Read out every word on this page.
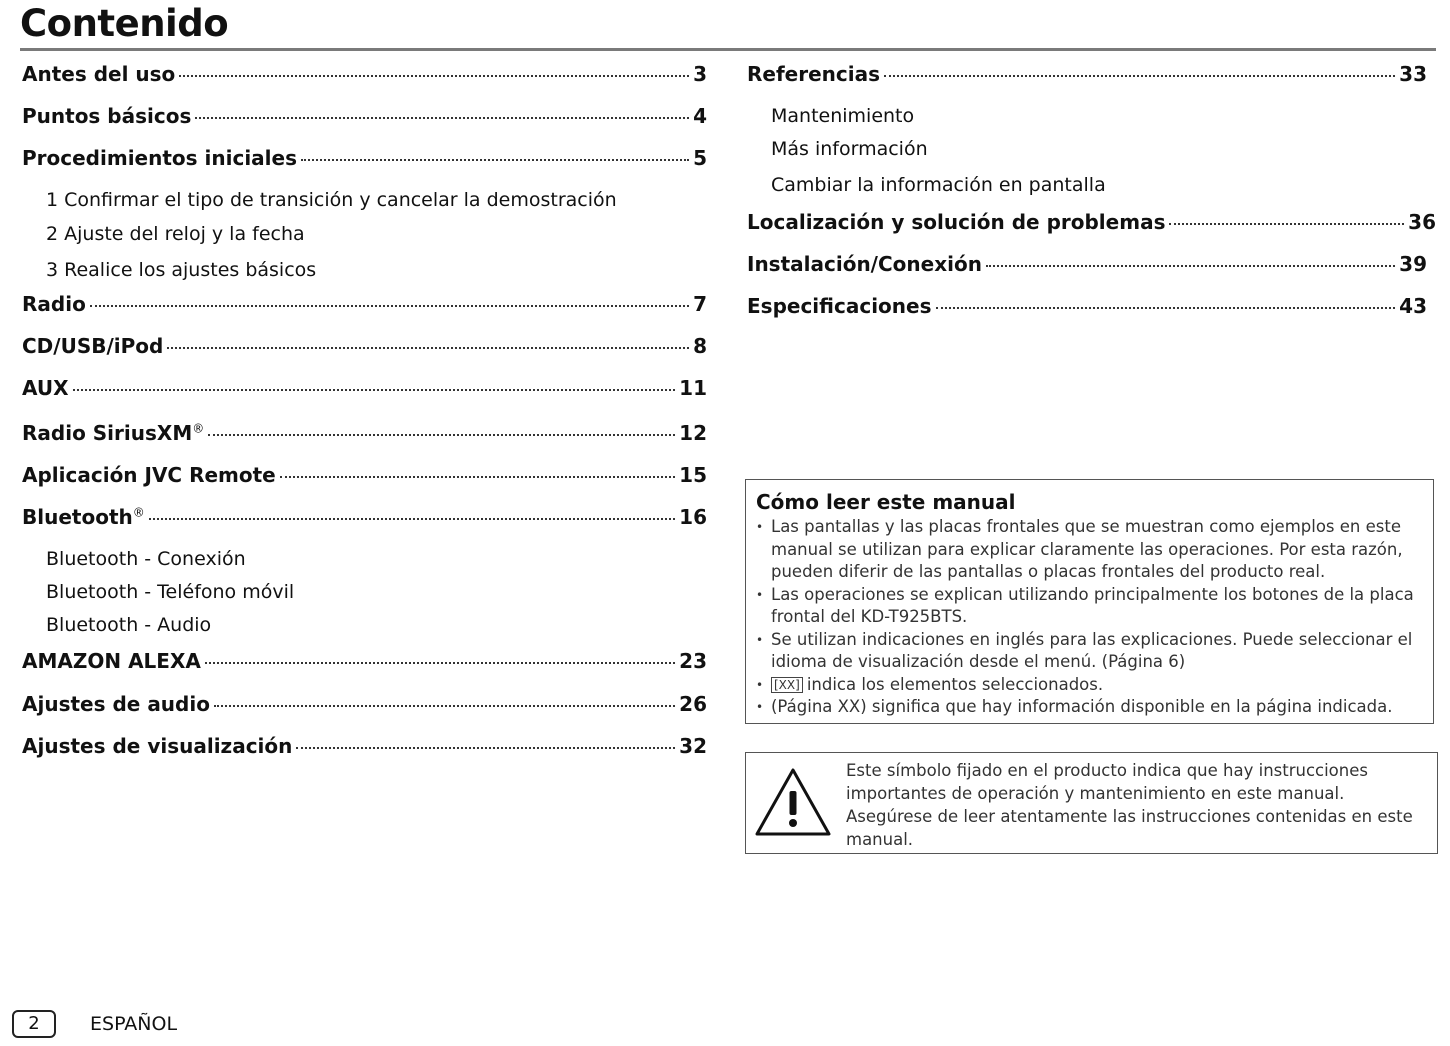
Contenido
Antes del uso	3
Puntos básicos	4
Procedimientos iniciales	5
1 Confirmar el tipo de transición y cancelar la demostración
2 Ajuste del reloj y la fecha
3 Realice los ajustes básicos
Radio	7
CD/USB/iPod	8
AUX	11
Radio SiriusXM®	12
Aplicación JVC Remote	15
Bluetooth®	16
Bluetooth - Conexión
Bluetooth - Teléfono móvil
Bluetooth - Audio
AMAZON ALEXA	23
Ajustes de audio	26
Ajustes de visualización	32
Referencias	33
Mantenimiento
Más información
Cambiar la información en pantalla
Localización y solución de problemas	36
Instalación/Conexión	39
Especificaciones	43
Cómo leer este manual
• Las pantallas y las placas frontales que se muestran como ejemplos en este manual se utilizan para explicar claramente las operaciones. Por esta razón, pueden diferir de las pantallas o placas frontales del producto real.
• Las operaciones se explican utilizando principalmente los botones de la placa frontal del KD-T925BTS.
• Se utilizan indicaciones en inglés para las explicaciones. Puede seleccionar el idioma de visualización desde el menú. (Página 6)
• [XX] indica los elementos seleccionados.
• (Página XX) significa que hay información disponible en la página indicada.
Este símbolo fijado en el producto indica que hay instrucciones importantes de operación y mantenimiento en este manual. Asegúrese de leer atentamente las instrucciones contenidas en este manual.
2	ESPAÑOL
